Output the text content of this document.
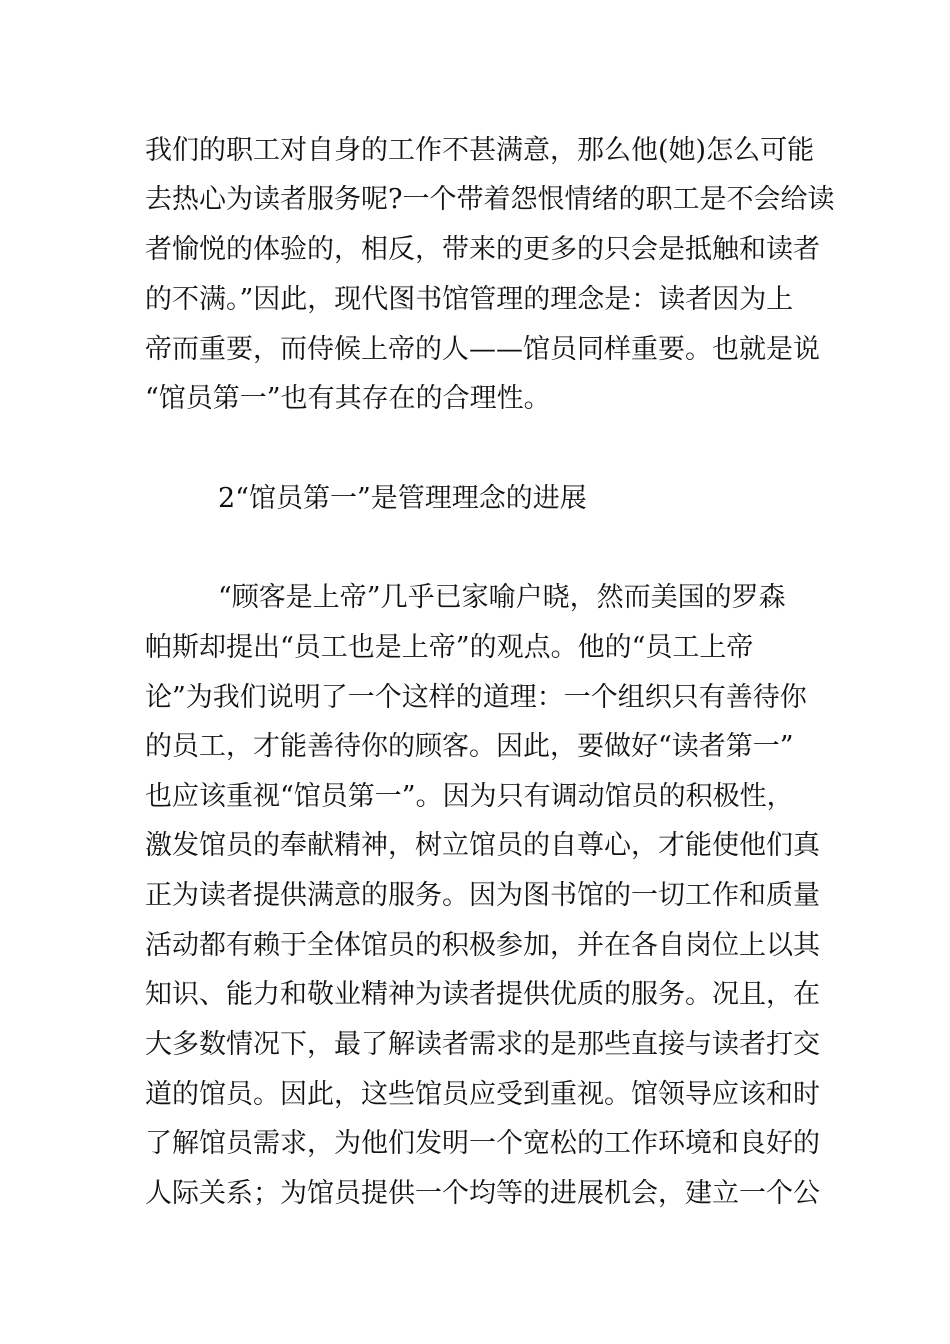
我们的职工对自身的工作不甚满意，那么他(她)怎么可能
去热心为读者服务呢?一个带着怨恨情绪的职工是不会给读
者愉悦的体验的，相反，带来的更多的只会是抵触和读者
的不满。”因此，现代图书馆管理的理念是：读者因为上
帝而重要，而侍候上帝的人——馆员同样重要。也就是说
“馆员第一”也有其存在的合理性。
2“馆员第一”是管理理念的进展
“顾客是上帝”几乎已家喻户晓，然而美国的罗森
帕斯却提出“员工也是上帝”的观点。他的“员工上帝
论”为我们说明了一个这样的道理：一个组织只有善待你
的员工，才能善待你的顾客。因此，要做好“读者第一”
也应该重视“馆员第一”。因为只有调动馆员的积极性，
激发馆员的奉献精神，树立馆员的自尊心，才能使他们真
正为读者提供满意的服务。因为图书馆的一切工作和质量
活动都有赖于全体馆员的积极参加，并在各自岗位上以其
知识、能力和敬业精神为读者提供优质的服务。况且，在
大多数情况下，最了解读者需求的是那些直接与读者打交
道的馆员。因此，这些馆员应受到重视。馆领导应该和时
了解馆员需求，为他们发明一个宽松的工作环境和良好的
人际关系；为馆员提供一个均等的进展机会，建立一个公
